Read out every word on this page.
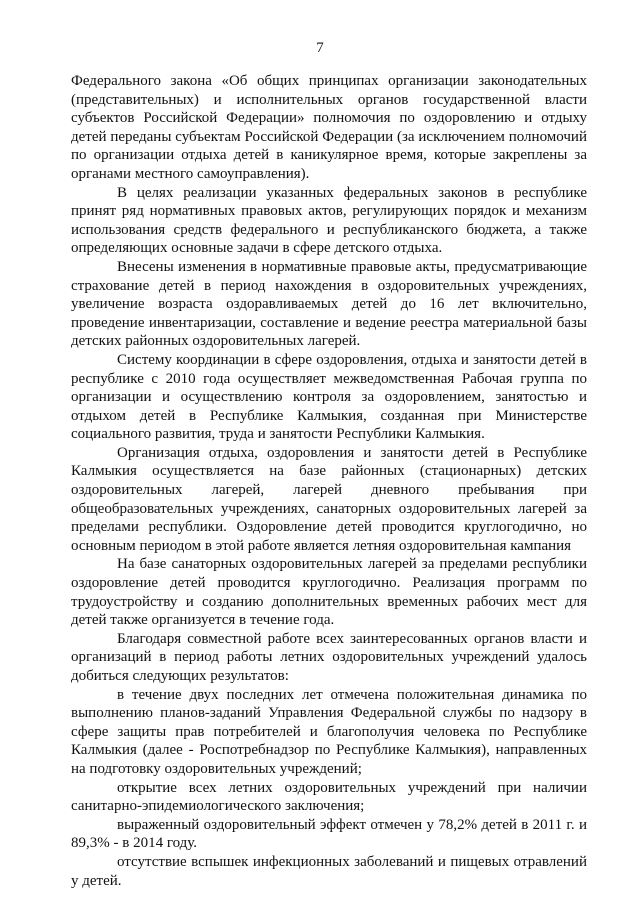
7

Федерального закона «Об общих принципах организации законодательных (представительных) и исполнительных органов государственной власти субъектов Российской Федерации» полномочия по оздоровлению и отдыху детей переданы субъектам Российской Федерации (за исключением полномочий по организации отдыха детей в каникулярное время, которые закреплены за органами местного самоуправления).

В целях реализации указанных федеральных законов в республике принят ряд нормативных правовых актов, регулирующих порядок и механизм использования средств федерального и республиканского бюджета, а также определяющих основные задачи в сфере детского отдыха.

Внесены изменения в нормативные правовые акты, предусматривающие страхование детей в период нахождения в оздоровительных учреждениях, увеличение возраста оздоравливаемых детей до 16 лет включительно, проведение инвентаризации, составление и ведение реестра материальной базы детских районных оздоровительных лагерей.

Систему координации в сфере оздоровления, отдыха и занятости детей в республике с 2010 года осуществляет межведомственная Рабочая группа по организации и осуществлению контроля за оздоровлением, занятостью и отдыхом детей в Республике Калмыкия, созданная при Министерстве социального развития, труда и занятости Республики Калмыкия.

Организация отдыха, оздоровления и занятости детей в Республике Калмыкия осуществляется на базе районных (стационарных) детских оздоровительных лагерей, лагерей дневного пребывания при общеобразовательных учреждениях, санаторных оздоровительных лагерей за пределами республики. Оздоровление детей проводится круглогодично, но основным периодом в этой работе является летняя оздоровительная кампания

На базе санаторных оздоровительных лагерей за пределами республики оздоровление детей проводится круглогодично. Реализация программ по трудоустройству и созданию дополнительных временных рабочих мест для детей также организуется в течение года.

Благодаря совместной работе всех заинтересованных органов власти и организаций в период работы летних оздоровительных учреждений удалось добиться следующих результатов:

в течение двух последних лет отмечена положительная динамика по выполнению планов-заданий Управления Федеральной службы по надзору в сфере защиты прав потребителей и благополучия человека по Республике Калмыкия (далее - Роспотребнадзор по Республике Калмыкия), направленных на подготовку оздоровительных учреждений;

открытие всех летних оздоровительных учреждений при наличии санитарно-эпидемиологического заключения;

выраженный оздоровительный эффект отмечен у 78,2% детей в 2011 г. и 89,3% - в 2014 году.

отсутствие вспышек инфекционных заболеваний и пищевых отравлений у детей.
